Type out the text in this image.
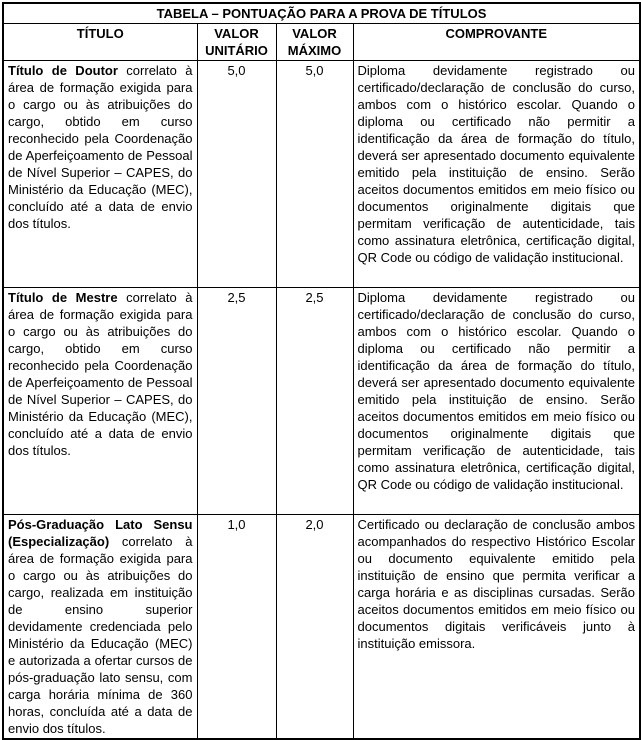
TABELA – PONTUAÇÃO PARA A PROVA DE TÍTULOS			
TÍTULO	VALOR UNITÁRIO	VALOR MÁXIMO	COMPROVANTE
Título de Doutor correlato à área de formação exigida para o cargo ou às atribuições do cargo, obtido em curso reconhecido pela Coordenação de Aperfeiçoamento de Pessoal de Nível Superior – CAPES, do Ministério da Educação (MEC), concluído até a data de envio dos títulos.	5,0	5,0	Diploma devidamente registrado ou certificado/declaração de conclusão do curso, ambos com o histórico escolar. Quando o diploma ou certificado não permitir a identificação da área de formação do título, deverá ser apresentado documento equivalente emitido pela instituição de ensino. Serão aceitos documentos emitidos em meio físico ou documentos originalmente digitais que permitam verificação de autenticidade, tais como assinatura eletrônica, certificação digital, QR Code ou código de validação institucional.
Título de Mestre correlato à área de formação exigida para o cargo ou às atribuições do cargo, obtido em curso reconhecido pela Coordenação de Aperfeiçoamento de Pessoal de Nível Superior – CAPES, do Ministério da Educação (MEC), concluído até a data de envio dos títulos.	2,5	2,5	Diploma devidamente registrado ou certificado/declaração de conclusão do curso, ambos com o histórico escolar. Quando o diploma ou certificado não permitir a identificação da área de formação do título, deverá ser apresentado documento equivalente emitido pela instituição de ensino. Serão aceitos documentos emitidos em meio físico ou documentos originalmente digitais que permitam verificação de autenticidade, tais como assinatura eletrônica, certificação digital, QR Code ou código de validação institucional.
Pós-Graduação Lato Sensu (Especialização) correlato à área de formação exigida para o cargo ou às atribuições do cargo, realizada em instituição de ensino superior devidamente credenciada pelo Ministério da Educação (MEC) e autorizada a ofertar cursos de pós-graduação lato sensu, com carga horária mínima de 360 horas, concluída até a data de envio dos títulos.	1,0	2,0	Certificado ou declaração de conclusão ambos acompanhados do respectivo Histórico Escolar ou documento equivalente emitido pela instituição de ensino que permita verificar a carga horária e as disciplinas cursadas. Serão aceitos documentos emitidos em meio físico ou documentos digitais verificáveis junto à instituição emissora.
